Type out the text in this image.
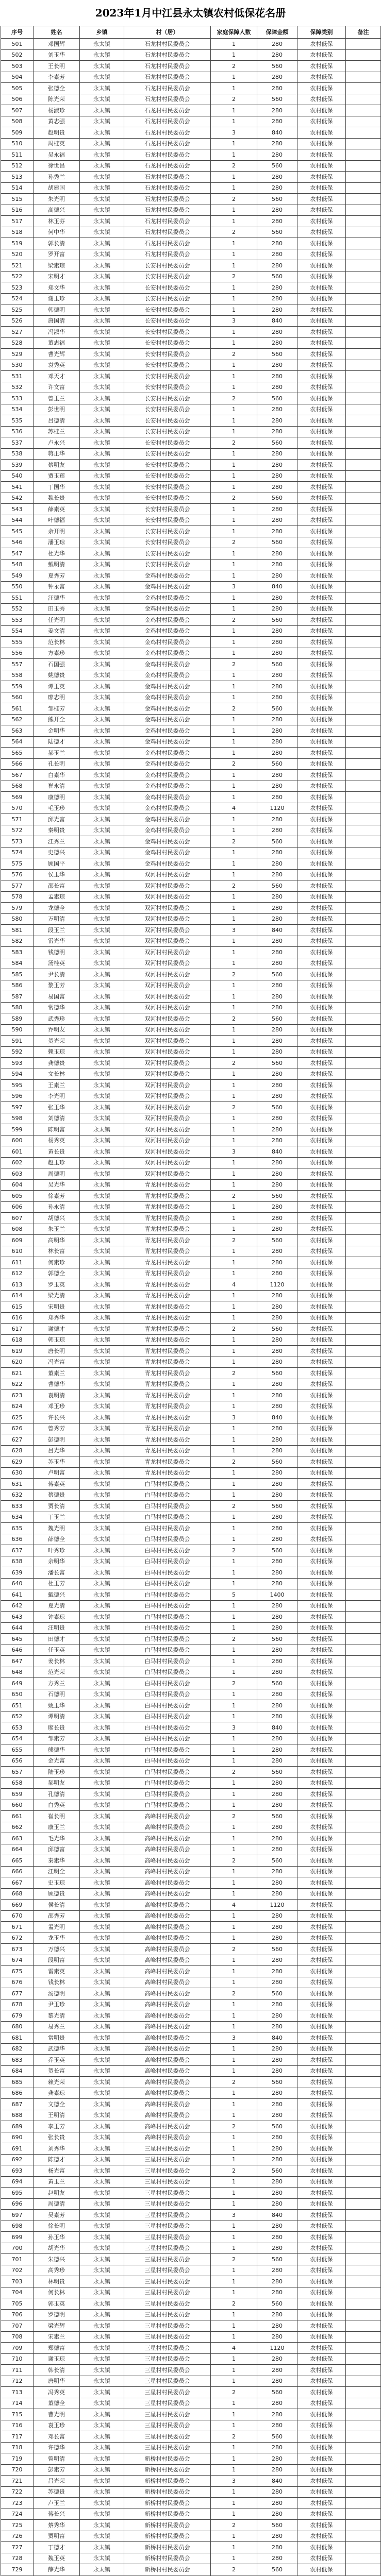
2023年1月中江县永太镇农村低保花名册
序号	姓名	乡镇	村（居）	家庭保障人数	保障金额	保障类别	备注
501	邓国辉	永太镇	石龙村村民委员会	1	280	农村低保
502	刘玉华	永太镇	石龙村村民委员会	1	280	农村低保
503	王长明	永太镇	石龙村村民委员会	2	560	农村低保
504	李素芳	永太镇	石龙村村民委员会	1	280	农村低保
505	张德全	永太镇	石龙村村民委员会	1	280	农村低保
506	陈光荣	永太镇	石龙村村民委员会	2	560	农村低保
507	杨淑珍	永太镇	石龙村村民委员会	1	280	农村低保
508	黄志强	永太镇	石龙村村民委员会	1	280	农村低保
509	赵明贵	永太镇	石龙村村民委员会	3	840	农村低保
510	周桂英	永太镇	石龙村村民委员会	1	280	农村低保
511	吴永福	永太镇	石龙村村民委员会	1	280	农村低保
512	徐世昌	永太镇	石龙村村民委员会	2	560	农村低保
513	孙秀兰	永太镇	石龙村村民委员会	1	280	农村低保
514	胡建国	永太镇	石龙村村民委员会	1	280	农村低保
515	朱光明	永太镇	石龙村村民委员会	2	560	农村低保
516	高德兴	永太镇	石龙村村民委员会	1	280	农村低保
517	林玉芬	永太镇	石龙村村民委员会	1	280	农村低保
518	何中华	永太镇	石龙村村民委员会	2	560	农村低保
519	郭长清	永太镇	石龙村村民委员会	1	280	农村低保
520	罗开富	永太镇	石龙村村民委员会	1	280	农村低保
521	梁素琼	永太镇	长安村村民委员会	1	280	农村低保
522	宋明才	永太镇	长安村村民委员会	2	560	农村低保
523	郑文华	永太镇	长安村村民委员会	1	280	农村低保
524	谢玉珍	永太镇	长安村村民委员会	1	280	农村低保
525	韩德明	永太镇	长安村村民委员会	1	280	农村低保
526	唐国清	永太镇	长安村村民委员会	3	840	农村低保
527	冯淑华	永太镇	长安村村民委员会	1	280	农村低保
528	董志福	永太镇	长安村村民委员会	1	280	农村低保
529	曹光辉	永太镇	长安村村民委员会	2	560	农村低保
530	袁秀英	永太镇	长安村村民委员会	1	280	农村低保
531	邓天才	永太镇	长安村村民委员会	1	280	农村低保
532	许文富	永太镇	长安村村民委员会	1	280	农村低保
533	曾玉兰	永太镇	长安村村民委员会	2	560	农村低保
534	彭世明	永太镇	长安村村民委员会	1	280	农村低保
535	吕德清	永太镇	长安村村民委员会	1	280	农村低保
536	苏桂兰	永太镇	长安村村民委员会	1	280	农村低保
537	卢永兴	永太镇	长安村村民委员会	2	560	农村低保
538	蒋正华	永太镇	长安村村民委员会	1	280	农村低保
539	蔡明友	永太镇	长安村村民委员会	1	280	农村低保
540	贾玉莲	永太镇	长安村村民委员会	1	280	农村低保
541	丁国华	永太镇	长安村村民委员会	1	280	农村低保
542	魏长贵	永太镇	长安村村民委员会	2	560	农村低保
543	薛素英	永太镇	长安村村民委员会	1	280	农村低保
544	叶德福	永太镇	长安村村民委员会	1	280	农村低保
545	余开明	永太镇	长安村村民委员会	1	280	农村低保
546	潘玉琼	永太镇	长安村村民委员会	2	560	农村低保
547	杜光华	永太镇	长安村村民委员会	1	280	农村低保
548	戴明清	永太镇	长安村村民委员会	1	280	农村低保
549	夏秀芳	永太镇	金鸡村村民委员会	1	280	农村低保
550	钟永富	永太镇	金鸡村村民委员会	3	840	农村低保
551	汪德华	永太镇	金鸡村村民委员会	1	280	农村低保
552	田玉秀	永太镇	金鸡村村民委员会	1	280	农村低保
553	任光明	永太镇	金鸡村村民委员会	2	560	农村低保
554	姜文清	永太镇	金鸡村村民委员会	1	280	农村低保
555	范长林	永太镇	金鸡村村民委员会	1	280	农村低保
556	方素珍	永太镇	金鸡村村民委员会	1	280	农村低保
557	石国强	永太镇	金鸡村村民委员会	2	560	农村低保
558	姚德贵	永太镇	金鸡村村民委员会	1	280	农村低保
559	谭玉英	永太镇	金鸡村村民委员会	1	280	农村低保
560	廖志明	永太镇	金鸡村村民委员会	1	280	农村低保
561	邹桂芳	永太镇	金鸡村村民委员会	2	560	农村低保
562	熊开全	永太镇	金鸡村村民委员会	1	280	农村低保
563	金明华	永太镇	金鸡村村民委员会	1	280	农村低保
564	陆德才	永太镇	金鸡村村民委员会	1	280	农村低保
565	郝玉兰	永太镇	金鸡村村民委员会	1	280	农村低保
566	孔长明	永太镇	金鸡村村民委员会	2	560	农村低保
567	白素华	永太镇	金鸡村村民委员会	1	280	农村低保
568	崔永清	永太镇	金鸡村村民委员会	1	280	农村低保
569	康德明	永太镇	金鸡村村民委员会	1	280	农村低保
570	毛玉珍	永太镇	金鸡村村民委员会	4	1120	农村低保
571	邱光富	永太镇	金鸡村村民委员会	1	280	农村低保
572	秦明贵	永太镇	金鸡村村民委员会	1	280	农村低保
573	江秀兰	永太镇	金鸡村村民委员会	2	560	农村低保
574	史德兴	永太镇	金鸡村村民委员会	1	280	农村低保
575	顾国平	永太镇	金鸡村村民委员会	1	280	农村低保
576	侯玉华	永太镇	双河村村民委员会	1	280	农村低保
577	邵长富	永太镇	双河村村民委员会	2	560	农村低保
578	孟素琼	永太镇	双河村村民委员会	1	280	农村低保
579	龙德全	永太镇	双河村村民委员会	1	280	农村低保
580	万明清	永太镇	双河村村民委员会	1	280	农村低保
581	段玉兰	永太镇	双河村村民委员会	3	840	农村低保
582	雷光华	永太镇	双河村村民委员会	1	280	农村低保
583	钱德明	永太镇	双河村村民委员会	1	280	农村低保
584	汤桂英	永太镇	双河村村民委员会	1	280	农村低保
585	尹长清	永太镇	双河村村民委员会	2	560	农村低保
586	黎玉芳	永太镇	双河村村民委员会	1	280	农村低保
587	易国富	永太镇	双河村村民委员会	1	280	农村低保
588	常德华	永太镇	双河村村民委员会	1	280	农村低保
589	武秀珍	永太镇	双河村村民委员会	2	560	农村低保
590	乔明友	永太镇	双河村村民委员会	1	280	农村低保
591	贺光荣	永太镇	双河村村民委员会	1	280	农村低保
592	赖玉琼	永太镇	双河村村民委员会	1	280	农村低保
593	龚德贵	永太镇	双河村村民委员会	2	560	农村低保
594	文长林	永太镇	双河村村民委员会	1	280	农村低保
595	王素兰	永太镇	双河村村民委员会	1	280	农村低保
596	李光明	永太镇	双河村村民委员会	1	280	农村低保
597	张玉华	永太镇	双河村村民委员会	2	560	农村低保
598	刘德清	永太镇	双河村村民委员会	1	280	农村低保
599	陈明富	永太镇	双河村村民委员会	1	280	农村低保
600	杨秀英	永太镇	双河村村民委员会	1	280	农村低保
601	黄长贵	永太镇	双河村村民委员会	3	840	农村低保
602	赵玉珍	永太镇	双河村村民委员会	1	280	农村低保
603	周德明	永太镇	双河村村民委员会	1	280	农村低保
604	吴光华	永太镇	青龙村村民委员会	1	280	农村低保
605	徐素芳	永太镇	青龙村村民委员会	2	560	农村低保
606	孙永清	永太镇	青龙村村民委员会	1	280	农村低保
607	胡德兴	永太镇	青龙村村民委员会	1	280	农村低保
608	朱玉兰	永太镇	青龙村村民委员会	1	280	农村低保
609	高明华	永太镇	青龙村村民委员会	2	560	农村低保
610	林长富	永太镇	青龙村村民委员会	1	280	农村低保
611	何素珍	永太镇	青龙村村民委员会	1	280	农村低保
612	郭德全	永太镇	青龙村村民委员会	1	280	农村低保
613	罗玉英	永太镇	青龙村村民委员会	4	1120	农村低保
614	梁光清	永太镇	青龙村村民委员会	1	280	农村低保
615	宋明贵	永太镇	青龙村村民委员会	1	280	农村低保
616	郑秀华	永太镇	青龙村村民委员会	1	280	农村低保
617	谢德才	永太镇	青龙村村民委员会	2	560	农村低保
618	韩玉琼	永太镇	青龙村村民委员会	1	280	农村低保
619	唐长明	永太镇	青龙村村民委员会	1	280	农村低保
620	冯光富	永太镇	青龙村村民委员会	1	280	农村低保
621	董素兰	永太镇	青龙村村民委员会	2	560	农村低保
622	曹德华	永太镇	青龙村村民委员会	1	280	农村低保
623	袁明清	永太镇	青龙村村民委员会	1	280	农村低保
624	邓玉珍	永太镇	青龙村村民委员会	1	280	农村低保
625	许长兴	永太镇	青龙村村民委员会	3	840	农村低保
626	曾秀芳	永太镇	青龙村村民委员会	1	280	农村低保
627	彭德明	永太镇	青龙村村民委员会	1	280	农村低保
628	吕光华	永太镇	青龙村村民委员会	1	280	农村低保
629	苏玉华	永太镇	青龙村村民委员会	2	560	农村低保
630	卢明富	永太镇	青龙村村民委员会	1	280	农村低保
631	蒋素英	永太镇	白马村村民委员会	1	280	农村低保
632	蔡德贵	永太镇	白马村村民委员会	1	280	农村低保
633	贾长清	永太镇	白马村村民委员会	2	560	农村低保
634	丁玉兰	永太镇	白马村村民委员会	1	280	农村低保
635	魏光明	永太镇	白马村村民委员会	1	280	农村低保
636	薛德全	永太镇	白马村村民委员会	1	280	农村低保
637	叶秀珍	永太镇	白马村村民委员会	2	560	农村低保
638	余明华	永太镇	白马村村民委员会	1	280	农村低保
639	潘长富	永太镇	白马村村民委员会	1	280	农村低保
640	杜玉芳	永太镇	白马村村民委员会	1	280	农村低保
641	戴德兴	永太镇	白马村村民委员会	5	1400	农村低保
642	夏光清	永太镇	白马村村民委员会	1	280	农村低保
643	钟素琼	永太镇	白马村村民委员会	1	280	农村低保
644	汪明贵	永太镇	白马村村民委员会	1	280	农村低保
645	田德才	永太镇	白马村村民委员会	2	560	农村低保
646	任玉英	永太镇	白马村村民委员会	1	280	农村低保
647	姜长林	永太镇	白马村村民委员会	1	280	农村低保
648	范光荣	永太镇	白马村村民委员会	1	280	农村低保
649	方秀兰	永太镇	白马村村民委员会	2	560	农村低保
650	石德明	永太镇	白马村村民委员会	1	280	农村低保
651	姚玉华	永太镇	白马村村民委员会	1	280	农村低保
652	谭明清	永太镇	白马村村民委员会	1	280	农村低保
653	廖长贵	永太镇	白马村村民委员会	3	840	农村低保
654	邹素芳	永太镇	白马村村民委员会	1	280	农村低保
655	熊德华	永太镇	白马村村民委员会	1	280	农村低保
656	金光富	永太镇	白马村村民委员会	1	280	农村低保
657	陆玉珍	永太镇	白马村村民委员会	2	560	农村低保
658	郝明友	永太镇	白马村村民委员会	1	280	农村低保
659	孔德清	永太镇	白马村村民委员会	1	280	农村低保
660	白秀英	永太镇	白马村村民委员会	1	280	农村低保
661	崔长明	永太镇	高峰村村民委员会	2	560	农村低保
662	康玉兰	永太镇	高峰村村民委员会	1	280	农村低保
663	毛光华	永太镇	高峰村村民委员会	1	280	农村低保
664	邱德富	永太镇	高峰村村民委员会	1	280	农村低保
665	秦素华	永太镇	高峰村村民委员会	2	560	农村低保
666	江明全	永太镇	高峰村村民委员会	1	280	农村低保
667	史玉琼	永太镇	高峰村村民委员会	1	280	农村低保
668	顾德贵	永太镇	高峰村村民委员会	1	280	农村低保
669	侯长清	永太镇	高峰村村民委员会	4	1120	农村低保
670	邵秀芳	永太镇	高峰村村民委员会	1	280	农村低保
671	孟光明	永太镇	高峰村村民委员会	1	280	农村低保
672	龙玉华	永太镇	高峰村村民委员会	1	280	农村低保
673	万德兴	永太镇	高峰村村民委员会	2	560	农村低保
674	段明富	永太镇	高峰村村民委员会	1	280	农村低保
675	雷素英	永太镇	高峰村村民委员会	1	280	农村低保
676	钱长林	永太镇	高峰村村民委员会	1	280	农村低保
677	汤德明	永太镇	高峰村村民委员会	2	560	农村低保
678	尹玉珍	永太镇	高峰村村民委员会	1	280	农村低保
679	黎光清	永太镇	高峰村村民委员会	1	280	农村低保
680	易秀兰	永太镇	高峰村村民委员会	1	280	农村低保
681	常明贵	永太镇	高峰村村民委员会	3	840	农村低保
682	武德华	永太镇	高峰村村民委员会	1	280	农村低保
683	乔玉英	永太镇	高峰村村民委员会	1	280	农村低保
684	贺长富	永太镇	高峰村村民委员会	1	280	农村低保
685	赖光荣	永太镇	高峰村村民委员会	2	560	农村低保
686	龚素琼	永太镇	高峰村村民委员会	1	280	农村低保
687	文德全	永太镇	高峰村村民委员会	1	280	农村低保
688	王明清	永太镇	高峰村村民委员会	1	280	农村低保
689	李玉芳	永太镇	高峰村村民委员会	2	560	农村低保
690	张长贵	永太镇	高峰村村民委员会	1	280	农村低保
691	刘秀华	永太镇	三星村村民委员会	1	280	农村低保
692	陈德才	永太镇	三星村村民委员会	1	280	农村低保
693	杨光富	永太镇	三星村村民委员会	2	560	农村低保
694	黄玉兰	永太镇	三星村村民委员会	1	280	农村低保
695	赵明友	永太镇	三星村村民委员会	1	280	农村低保
696	周德清	永太镇	三星村村民委员会	1	280	农村低保
697	吴素芳	永太镇	三星村村民委员会	3	840	农村低保
698	徐长明	永太镇	三星村村民委员会	1	280	农村低保
699	孙玉华	永太镇	三星村村民委员会	1	280	农村低保
700	胡光华	永太镇	三星村村民委员会	1	280	农村低保
701	朱德兴	永太镇	三星村村民委员会	2	560	农村低保
702	高秀珍	永太镇	三星村村民委员会	1	280	农村低保
703	林明贵	永太镇	三星村村民委员会	1	280	农村低保
704	何长林	永太镇	三星村村民委员会	1	280	农村低保
705	郭玉英	永太镇	三星村村民委员会	2	560	农村低保
706	罗德明	永太镇	三星村村民委员会	1	280	农村低保
707	梁光辉	永太镇	三星村村民委员会	1	280	农村低保
708	宋素兰	永太镇	三星村村民委员会	1	280	农村低保
709	郑德富	永太镇	三星村村民委员会	4	1120	农村低保
710	谢玉琼	永太镇	三星村村民委员会	1	280	农村低保
711	韩长清	永太镇	三星村村民委员会	1	280	农村低保
712	唐明华	永太镇	三星村村民委员会	1	280	农村低保
713	冯秀英	永太镇	三星村村民委员会	2	560	农村低保
714	董德全	永太镇	三星村村民委员会	1	280	农村低保
715	曹光明	永太镇	三星村村民委员会	1	280	农村低保
716	袁玉珍	永太镇	三星村村民委员会	1	280	农村低保
717	邓长富	永太镇	三星村村民委员会	2	560	农村低保
718	许德华	永太镇	三星村村民委员会	1	280	农村低保
719	曾明清	永太镇	新桥村村民委员会	1	280	农村低保
720	彭素芳	永太镇	新桥村村民委员会	1	280	农村低保
721	吕光荣	永太镇	新桥村村民委员会	3	840	农村低保
722	苏德贵	永太镇	新桥村村民委员会	1	280	农村低保
723	卢玉兰	永太镇	新桥村村民委员会	1	280	农村低保
724	蒋长兴	永太镇	新桥村村民委员会	1	280	农村低保
725	蔡秀华	永太镇	新桥村村民委员会	2	560	农村低保
726	贾明富	永太镇	新桥村村民委员会	1	280	农村低保
727	丁德才	永太镇	新桥村村民委员会	1	280	农村低保
728	魏玉英	永太镇	新桥村村民委员会	1	280	农村低保
729	薛光华	永太镇	新桥村村民委员会	2	560	农村低保
